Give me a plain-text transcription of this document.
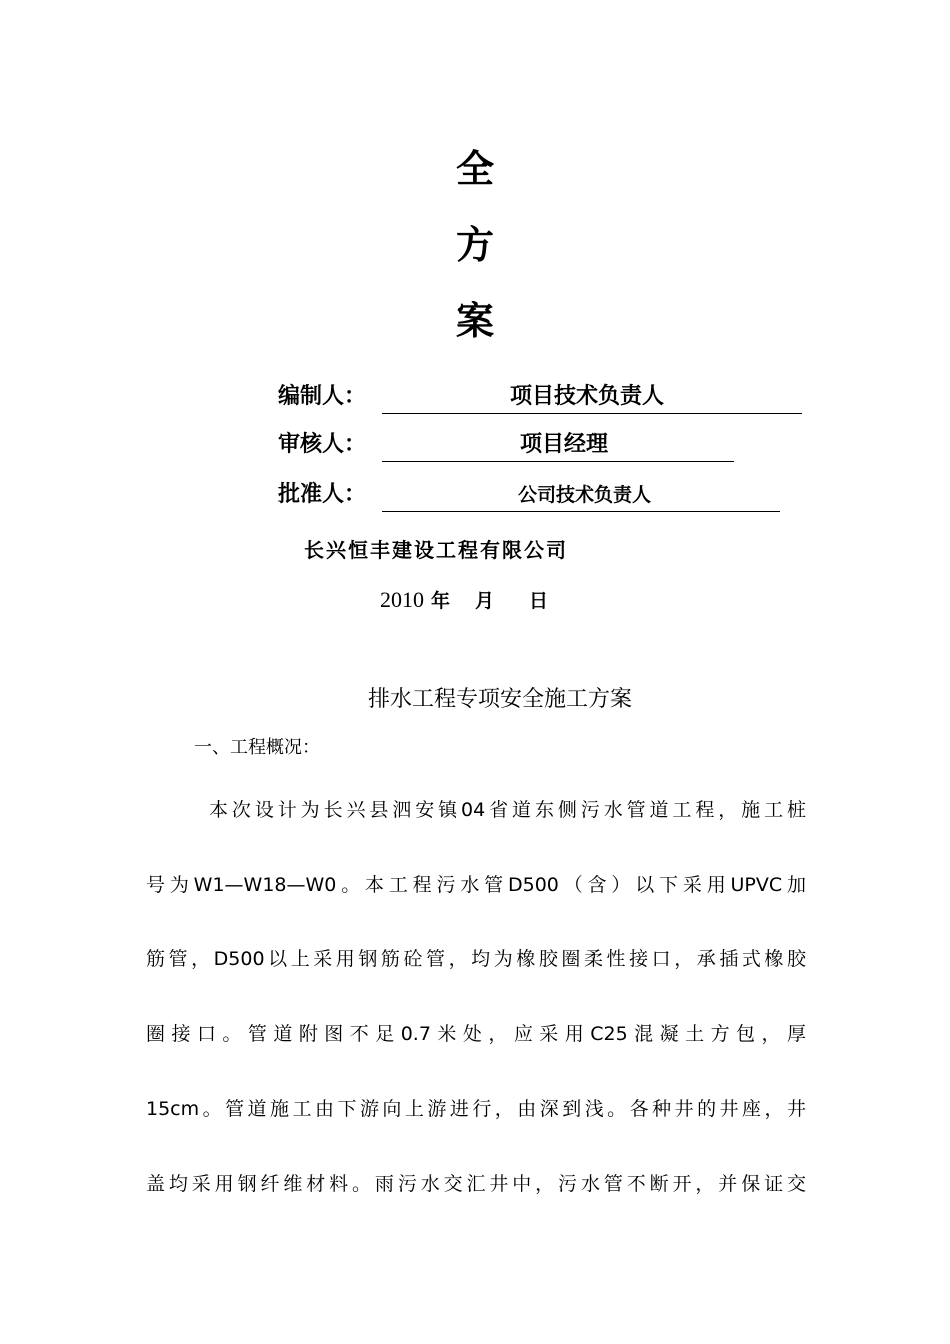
全
方
案
编制人：	项目技术负责人
审核人：	项目经理
批准人：	公司技术负责人
长兴恒丰建设工程有限公司
2010 年 月 日
排水工程专项安全施工方案
一、工程概况：
本次设计为长兴县泗安镇04省道东侧污水管道工程，施工桩
号为W1—W18—W0。本工程污水管D500（含）以下采用UPVC加
筋管，D500以上采用钢筋砼管，均为橡胶圈柔性接口，承插式橡胶
圈接口。管道附图不足0.7米处，应采用C25混凝土方包，厚
15cm。管道施工由下游向上游进行，由深到浅。各种井的井座，井
盖均采用钢纤维材料。雨污水交汇井中，污水管不断开，并保证交
